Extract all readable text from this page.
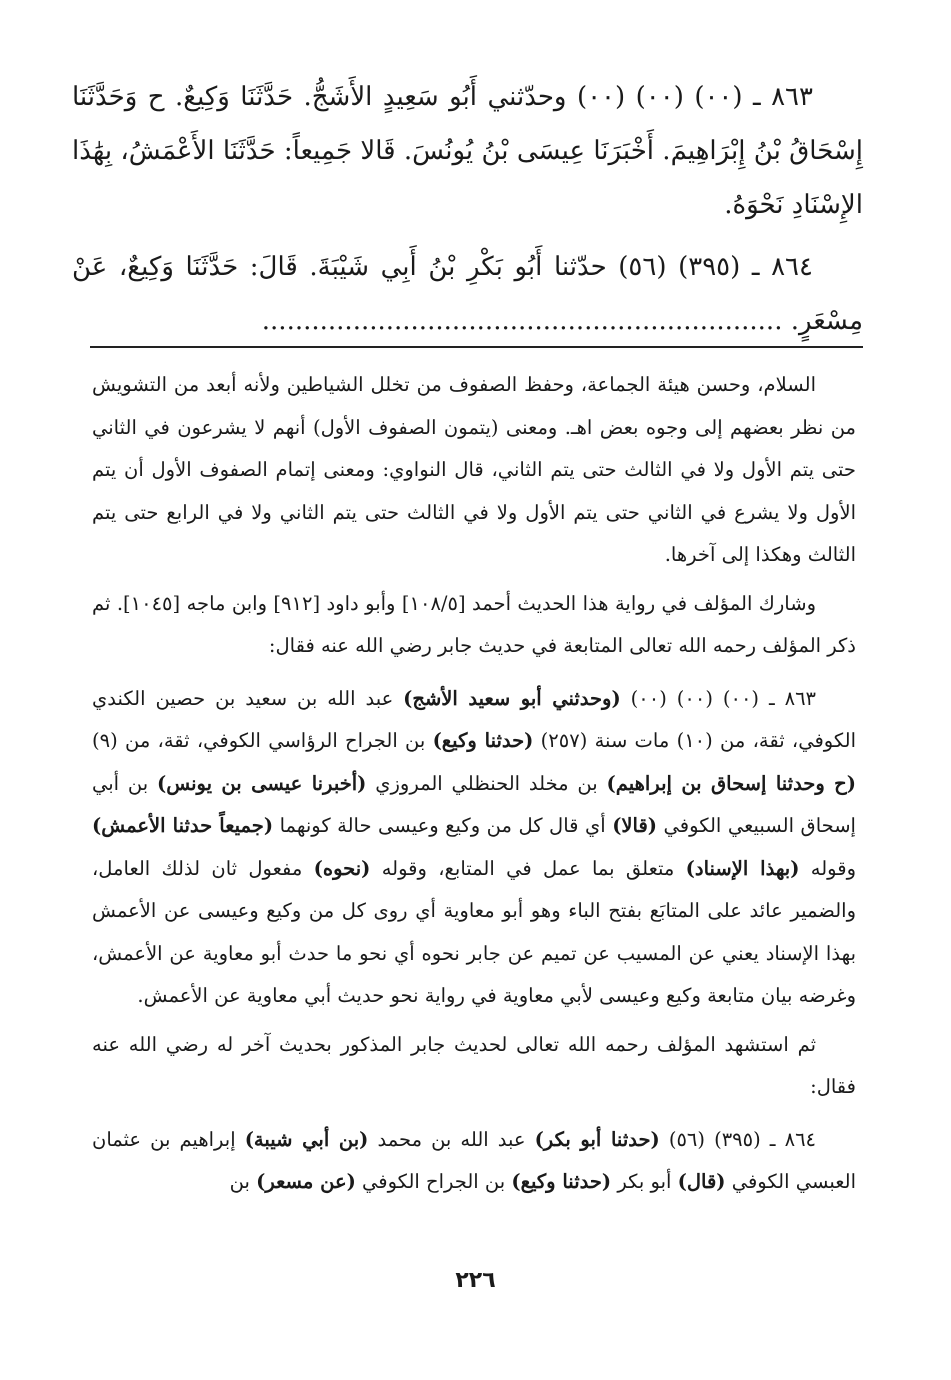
٨٦٣ ـ (٠٠) (٠٠) (٠٠) وحدّثني أَبُو سَعِيدٍ الأَشَجُّ. حَدَّثَنَا وَكِيعٌ. ح وَحَدَّثَنَا إِسْحَاقُ بْنُ إِبْرَاهِيمَ. أَخْبَرَنَا عِيسَى بْنُ يُونُسَ. قَالا جَمِيعاً: حَدَّثَنَا الأَعْمَشُ، بِهَٰذَا الإِسْنَادِ نَحْوَهُ.

٨٦٤ ـ (٣٩٥) (٥٦) حدّثنا أَبُو بَكْرِ بْنُ أَبِي شَيْبَةَ. قَالَ: حَدَّثَنَا وَكِيعٌ، عَنْ مِسْعَرٍ. ...............................................................

السلام، وحسن هيئة الجماعة، وحفظ الصفوف من تخلل الشياطين ولأنه أبعد من التشويش من نظر بعضهم إلى وجوه بعض اهـ. ومعنى (يتمون الصفوف الأول) أنهم لا يشرعون في الثاني حتى يتم الأول ولا في الثالث حتى يتم الثاني، قال النواوي: ومعنى إتمام الصفوف الأول أن يتم الأول ولا يشرع في الثاني حتى يتم الأول ولا في الثالث حتى يتم الثاني ولا في الرابع حتى يتم الثالث وهكذا إلى آخرها.

وشارك المؤلف في رواية هذا الحديث أحمد [١٠٨/٥] وأبو داود [٩١٢] وابن ماجه [١٠٤٥]. ثم ذكر المؤلف رحمه الله تعالى المتابعة في حديث جابر رضي الله عنه فقال:

٨٦٣ ـ (٠٠) (٠٠) (٠٠) (وحدثني أبو سعيد الأشج) عبد الله بن سعيد بن حصين الكندي الكوفي، ثقة، من (١٠) مات سنة (٢٥٧) (حدثنا وكيع) بن الجراح الرؤاسي الكوفي، ثقة، من (٩) (ح وحدثنا إسحاق بن إبراهيم) بن مخلد الحنظلي المروزي (أخبرنا عيسى بن يونس) بن أبي إسحاق السبيعي الكوفي (قالا) أي قال كل من وكيع وعيسى حالة كونهما (جميعاً حدثنا الأعمش) وقوله (بهذا الإسناد) متعلق بما عمل في المتابع، وقوله (نحوه) مفعول ثان لذلك العامل، والضمير عائد على المتابَع بفتح الباء وهو أبو معاوية أي روى كل من وكيع وعيسى عن الأعمش بهذا الإسناد يعني عن المسيب عن تميم عن جابر نحوه أي نحو ما حدث أبو معاوية عن الأعمش، وغرضه بيان متابعة وكيع وعيسى لأبي معاوية في رواية نحو حديث أبي معاوية عن الأعمش.

ثم استشهد المؤلف رحمه الله تعالى لحديث جابر المذكور بحديث آخر له رضي الله عنه فقال:

٨٦٤ ـ (٣٩٥) (٥٦) (حدثنا أبو بكر) عبد الله بن محمد (بن أبي شيبة) إبراهيم بن عثمان العبسي الكوفي (قال) أبو بكر (حدثنا وكيع) بن الجراح الكوفي (عن مسعر) بن

٢٢٦
